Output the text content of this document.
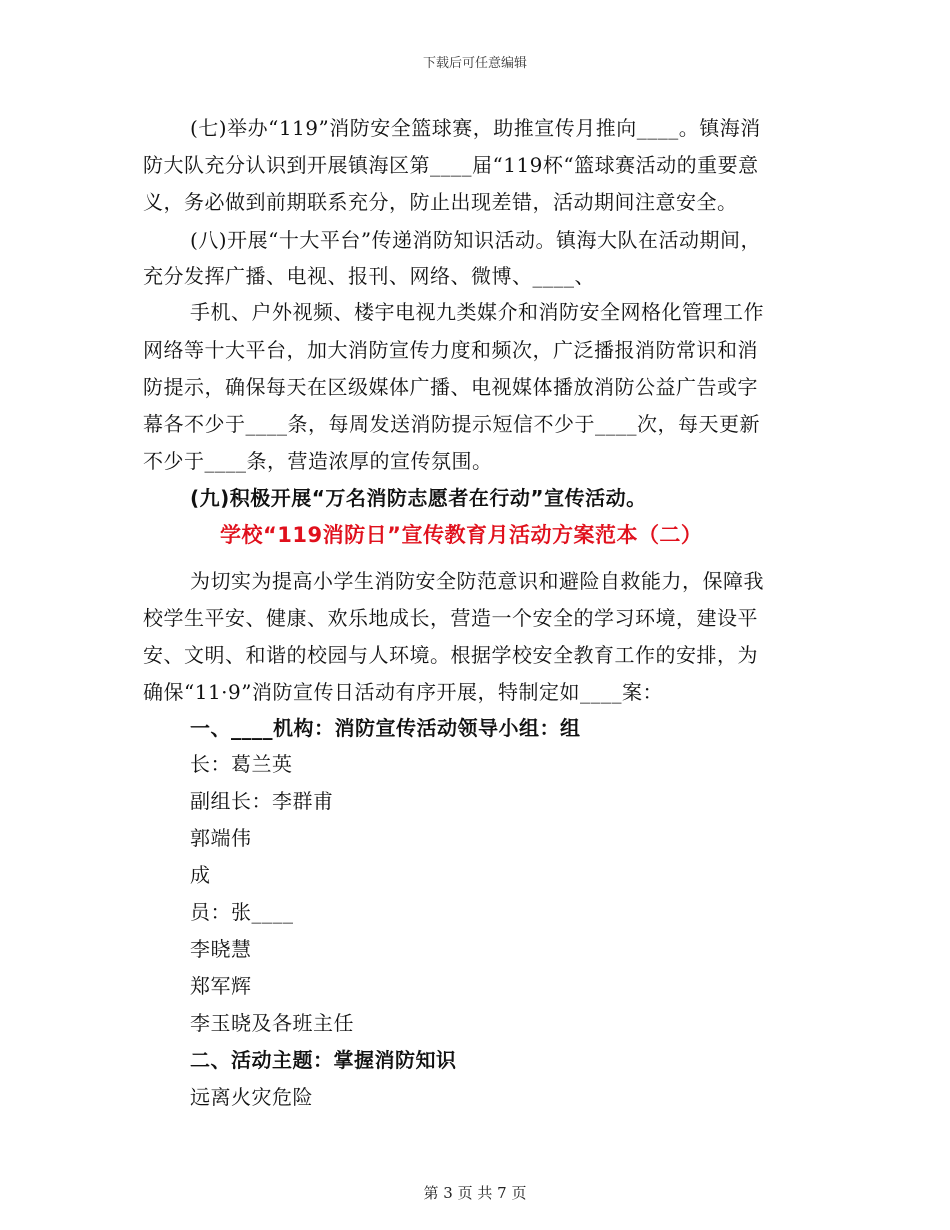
下载后可任意编辑
(七)举办“119”消防安全篮球赛，助推宣传月推向____。镇海消
防大队充分认识到开展镇海区第____届“119杯“篮球赛活动的重要意
义，务必做到前期联系充分，防止出现差错，活动期间注意安全。
(八)开展“十大平台”传递消防知识活动。镇海大队在活动期间，
充分发挥广播、电视、报刊、网络、微博、____、
手机、户外视频、楼宇电视九类媒介和消防安全网格化管理工作
网络等十大平台，加大消防宣传力度和频次，广泛播报消防常识和消
防提示，确保每天在区级媒体广播、电视媒体播放消防公益广告或字
幕各不少于____条，每周发送消防提示短信不少于____次，每天更新
不少于____条，营造浓厚的宣传氛围。
(九)积极开展“万名消防志愿者在行动”宣传活动。
学校“119消防日”宣传教育月活动方案范本（二）
为切实为提高小学生消防安全防范意识和避险自救能力，保障我
校学生平安、健康、欢乐地成长，营造一个安全的学习环境，建设平
安、文明、和谐的校园与人环境。根据学校安全教育工作的安排，为
确保“11·9”消防宣传日活动有序开展，特制定如____案：
一、____机构：消防宣传活动领导小组：组
长：葛兰英
副组长：李群甫
郭端伟
成
员：张____
李晓慧
郑军辉
李玉晓及各班主任
二、活动主题：掌握消防知识
远离火灾危险
第 3 页 共 7 页
